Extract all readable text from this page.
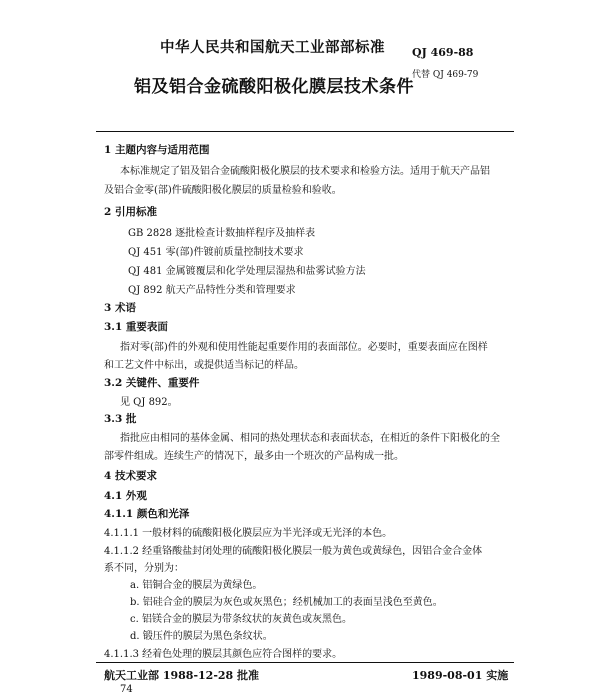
中华人民共和国航天工业部部标准 QJ 469-88
代替 QJ 469-79
铝及铝合金硫酸阳极化膜层技术条件
1 主题内容与适用范围
本标准规定了铝及铝合金硫酸阳极化膜层的技术要求和检验方法。适用于航天产品铝
及铝合金零(部)件硫酸阳极化膜层的质量检验和验收。
2 引用标准
GB 2828 逐批检查计数抽样程序及抽样表
QJ 451 零(部)件镀前质量控制技术要求
QJ 481 金属镀覆层和化学处理层湿热和盐雾试验方法
QJ 892 航天产品特性分类和管理要求
3 术语
3.1 重要表面
指对零(部)件的外观和使用性能起重要作用的表面部位。必要时，重要表面应在图样
和工艺文件中标出，或提供适当标记的样品。
3.2 关键件、重要件
见 QJ 892。
3.3 批
指批应由相同的基体金属、相同的热处理状态和表面状态，在相近的条件下阳极化的全
部零件组成。连续生产的情况下，最多由一个班次的产品构成一批。
4 技术要求
4.1 外观
4.1.1 颜色和光泽
4.1.1.1 一般材料的硫酸阳极化膜层应为半光泽或无光泽的本色。
4.1.1.2 经重铬酸盐封闭处理的硫酸阳极化膜层一般为黄色或黄绿色，因铝合金合金体
系不同，分别为：
a. 铝铜合金的膜层为黄绿色。
b. 铝硅合金的膜层为灰色或灰黑色；经机械加工的表面呈浅色至黄色。
c. 铝镁合金的膜层为带条纹状的灰黄色或灰黑色。
d. 锻压件的膜层为黑色条纹状。
4.1.1.3 经着色处理的膜层其颜色应符合图样的要求。
航天工业部 1988-12-28 批准	1989-08-01 实施
74
